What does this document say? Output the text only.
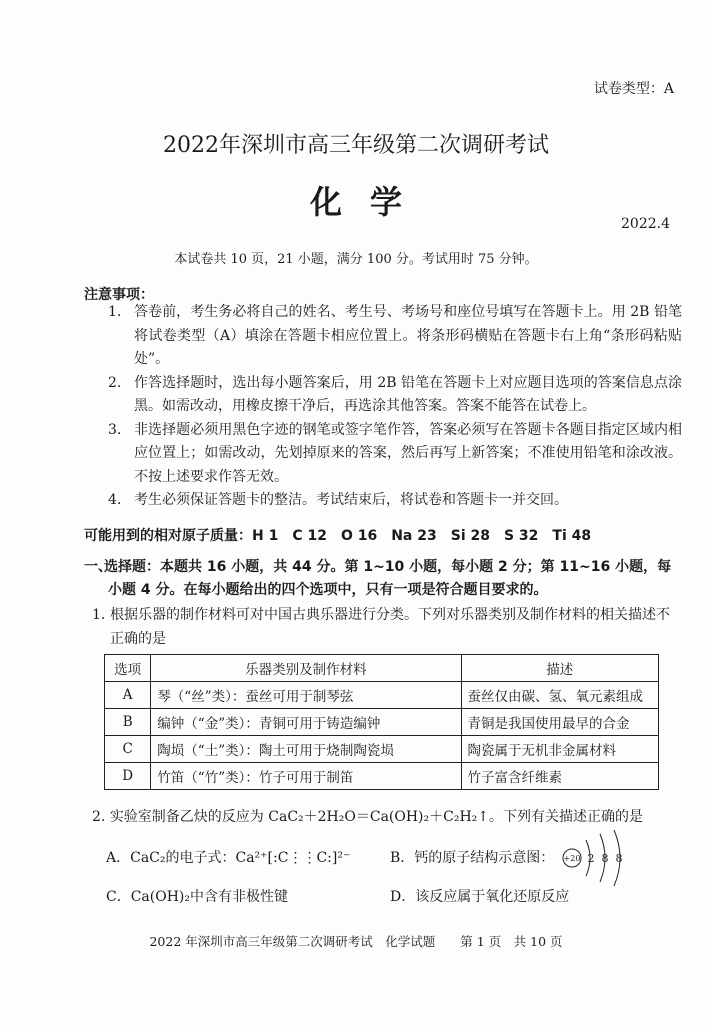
试卷类型：A
2022年深圳市高三年级第二次调研考试
化学
2022.4
本试卷共 10 页，21 小题，满分 100 分。考试用时 75 分钟。
注意事项：
1. 答卷前，考生务必将自己的姓名、考生号、考场号和座位号填写在答题卡上。用 2B 铅笔将试卷类型（A）填涂在答题卡相应位置上。将条形码横贴在答题卡右上角“条形码粘贴处”。
2. 作答选择题时，选出每小题答案后，用 2B 铅笔在答题卡上对应题目选项的答案信息点涂黑。如需改动，用橡皮擦干净后，再选涂其他答案。答案不能答在试卷上。
3. 非选择题必须用黑色字迹的钢笔或签字笔作答，答案必须写在答题卡各题目指定区域内相应位置上；如需改动，先划掉原来的答案，然后再写上新答案；不准使用铅笔和涂改液。不按上述要求作答无效。
4. 考生必须保证答题卡的整洁。考试结束后，将试卷和答题卡一并交回。
可能用到的相对原子质量：H 1　C 12　O 16　Na 23　Si 28　S 32　Ti 48
一、
选择题：本题共 16 小题，共 44 分。第 1~10 小题，每小题 2 分；第 11~16 小题，每小题 4 分。在每小题给出的四个选项中，只有一项是符合题目要求的。
1. 根据乐器的制作材料可对中国古典乐器进行分类。下列对乐器类别及制作材料的相关描述不正确的是
选项	乐器类别及制作材料	描述
A	琴（“丝”类）：蚕丝可用于制琴弦	蚕丝仅由碳、氢、氧元素组成
B	编钟（“金”类）：青铜可用于铸造编钟	青铜是我国使用最早的合金
C	陶埙（“土”类）：陶土可用于烧制陶瓷埙	陶瓷属于无机非金属材料
D	竹笛（“竹”类）：竹子可用于制笛	竹子富含纤维素
2. 实验室制备乙炔的反应为 CaC₂＋2H₂O＝Ca(OH)₂＋C₂H₂↑。下列有关描述正确的是
A．CaC₂的电子式：Ca²⁺[:C⋮⋮C:]²⁻	B．钙的原子结构示意图：
C．Ca(OH)₂中含有非极性键	D．该反应属于氧化还原反应
+20 2 8 8
2022 年深圳市高三年级第二次调研考试　化学试题　　第 1 页　共 10 页
